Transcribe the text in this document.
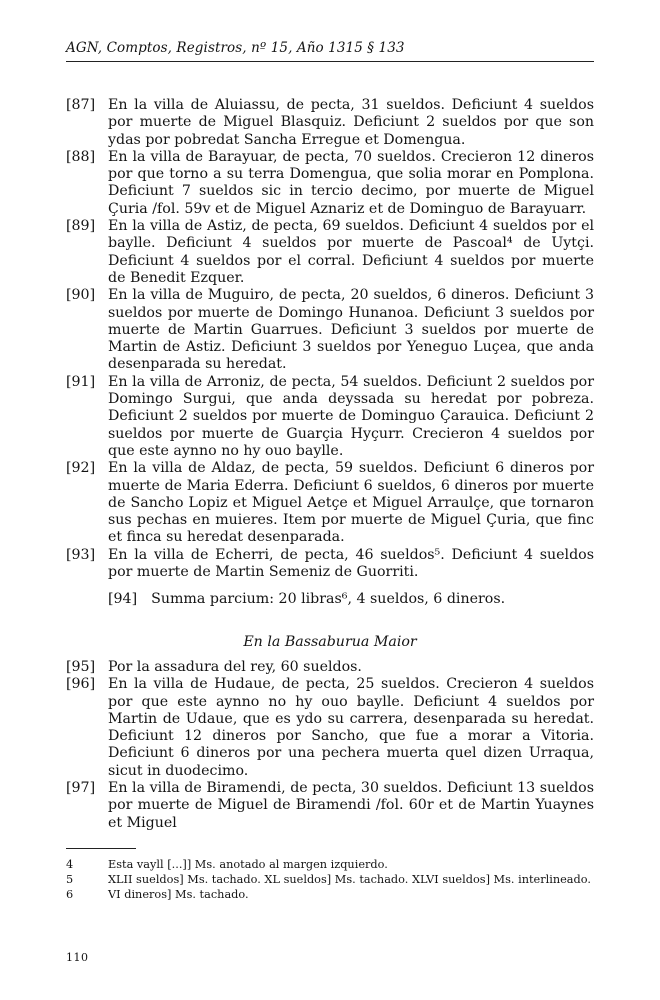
AGN, Comptos, Registros, nº 15, Año 1315 § 133
[87] En la villa de Aluiassu, de pecta, 31 sueldos. Deficiunt 4 sueldos por muerte de Miguel Blasquiz. Deficiunt 2 sueldos por que son ydas por pobredat Sancha Erregue et Domengua.
[88] En la villa de Barayuar, de pecta, 70 sueldos. Crecieron 12 dineros por que torno a su terra Domengua, que solia morar en Pomplona. Deficiunt 7 sueldos sic in tercio decimo, por muerte de Miguel Çuria /fol. 59v et de Miguel Aznariz et de Dominguo de Barayuarr.
[89] En la villa de Astiz, de pecta, 69 sueldos. Deficiunt 4 sueldos por el baylle. Deficiunt 4 sueldos por muerte de Pascoal⁴ de Uytçi. Deficiunt 4 sueldos por el corral. Deficiunt 4 sueldos por muerte de Benedit Ezquer.
[90] En la villa de Muguiro, de pecta, 20 sueldos, 6 dineros. Deficiunt 3 sueldos por muerte de Domingo Hunanoa. Deficiunt 3 sueldos por muerte de Martin Guarrues. Deficiunt 3 sueldos por muerte de Martin de Astiz. Deficiunt 3 sueldos por Yeneguo Luçea, que anda desenparada su heredat.
[91] En la villa de Arroniz, de pecta, 54 sueldos. Deficiunt 2 sueldos por Domingo Surgui, que anda deyssada su heredat por pobreza. Deficiunt 2 sueldos por muerte de Dominguo Çarauica. Deficiunt 2 sueldos por muerte de Guarçia Hyçurr. Crecieron 4 sueldos por que este aynno no hy ouo baylle.
[92] En la villa de Aldaz, de pecta, 59 sueldos. Deficiunt 6 dineros por muerte de Maria Ederra. Deficiunt 6 sueldos, 6 dineros por muerte de Sancho Lopiz et Miguel Aetçe et Miguel Arraulçe, que tornaron sus pechas en muieres. Item por muerte de Miguel Çuria, que finc et finca su heredat desenparada.
[93] En la villa de Echerri, de pecta, 46 sueldos⁵. Deficiunt 4 sueldos por muerte de Martin Semeniz de Guorriti.
[94] Summa parcium: 20 libras⁶, 4 sueldos, 6 dineros.
En la Bassaburua Maior
[95] Por la assadura del rey, 60 sueldos.
[96] En la villa de Hudaue, de pecta, 25 sueldos. Crecieron 4 sueldos por que este aynno no hy ouo baylle. Deficiunt 4 sueldos por Martin de Udaue, que es ydo su carrera, desenparada su heredat. Deficiunt 12 dineros por Sancho, que fue a morar a Vitoria. Deficiunt 6 dineros por una pechera muerta quel dizen Urraqua, sicut in duodecimo.
[97] En la villa de Biramendi, de pecta, 30 sueldos. Deficiunt 13 sueldos por muerte de Miguel de Biramendi /fol. 60r et de Martin Yuaynes et Miguel
4	Esta vayll [...]] Ms. anotado al margen izquierdo.
5	XLII sueldos] Ms. tachado. XL sueldos] Ms. tachado. XLVI sueldos] Ms. interlineado.
6	VI dineros] Ms. tachado.
110
